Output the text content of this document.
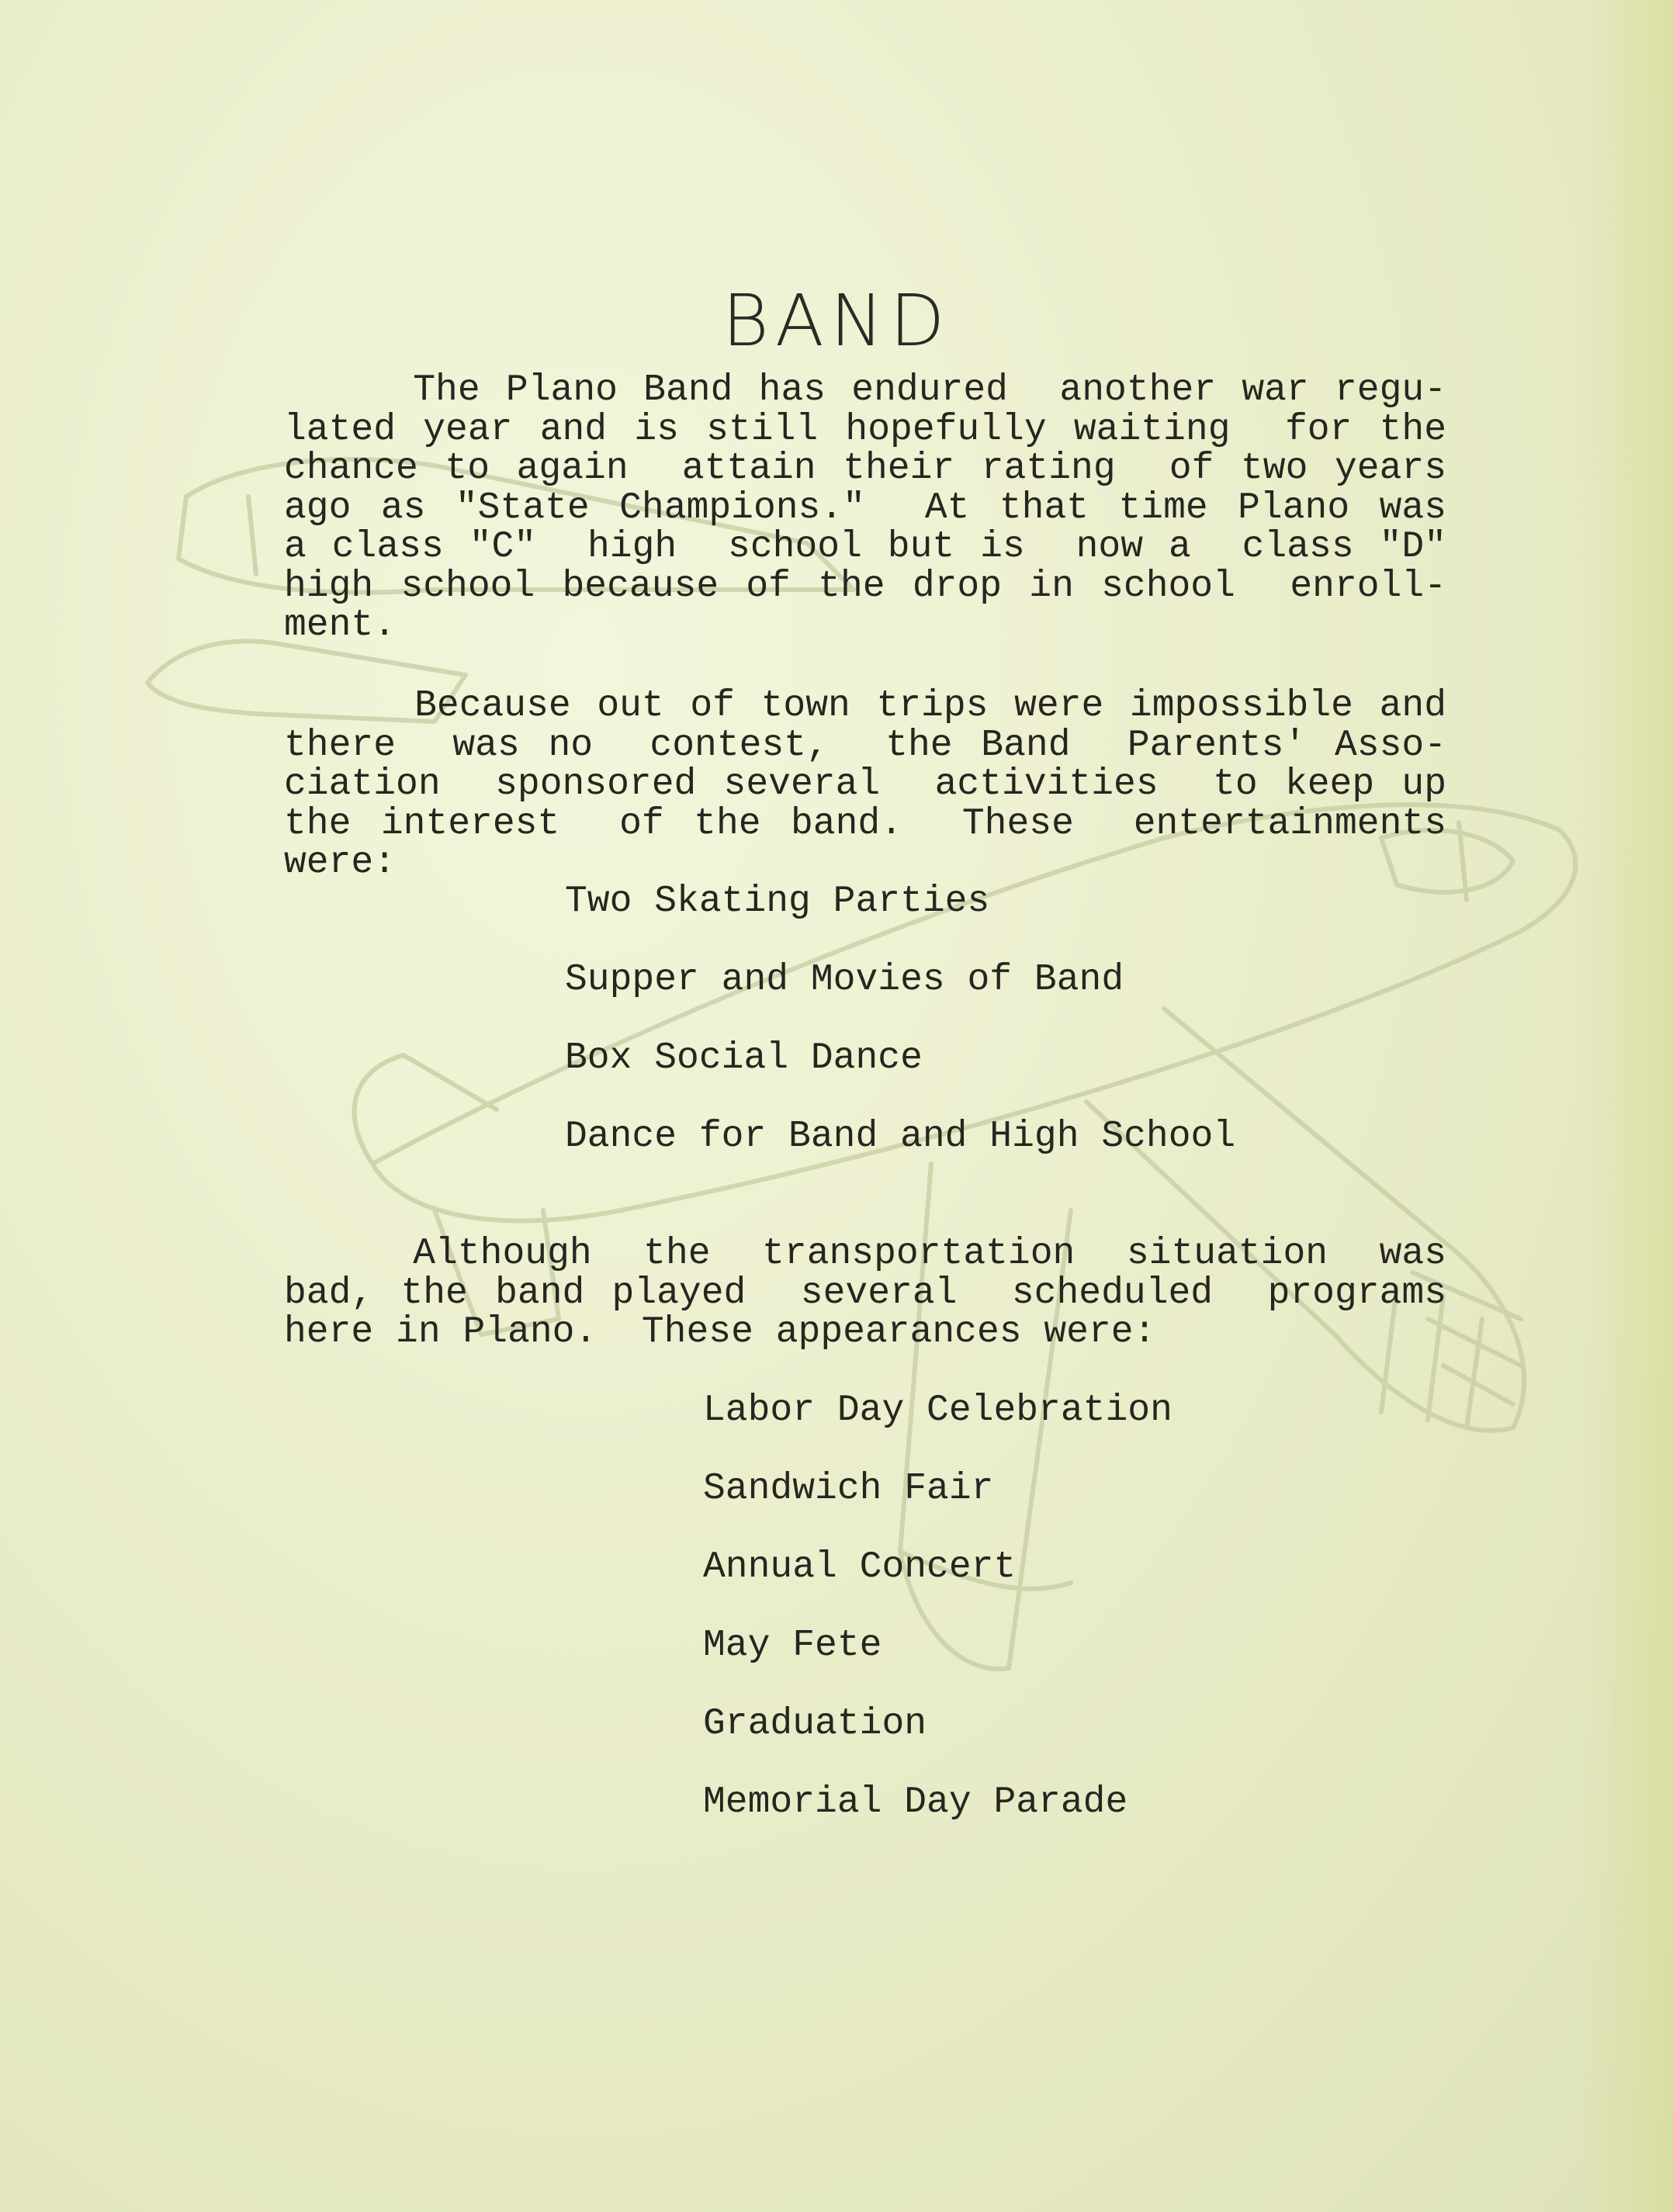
BAND
The Plano Band has endured  another war regu-
lated year and is still hopefully waiting  for the
chance to again  attain their rating  of two years
ago as "State Champions."  At that time Plano was
a class "C"  high  school but is  now a  class "D"
high school because of the drop in school  enroll-
ment.
Because out of town trips were impossible and
there  was no  contest,  the Band  Parents' Asso-
ciation  sponsored several  activities  to keep up
the interest  of the band.  These  entertainments
were:
Two Skating Parties
Supper and Movies of Band
Box Social Dance
Dance for Band and High School
Although  the  transportation  situation  was
bad, the band played  several  scheduled  programs
here in Plano.  These appearances were:
Labor Day Celebration
Sandwich Fair
Annual Concert
May Fete
Graduation
Memorial Day Parade
